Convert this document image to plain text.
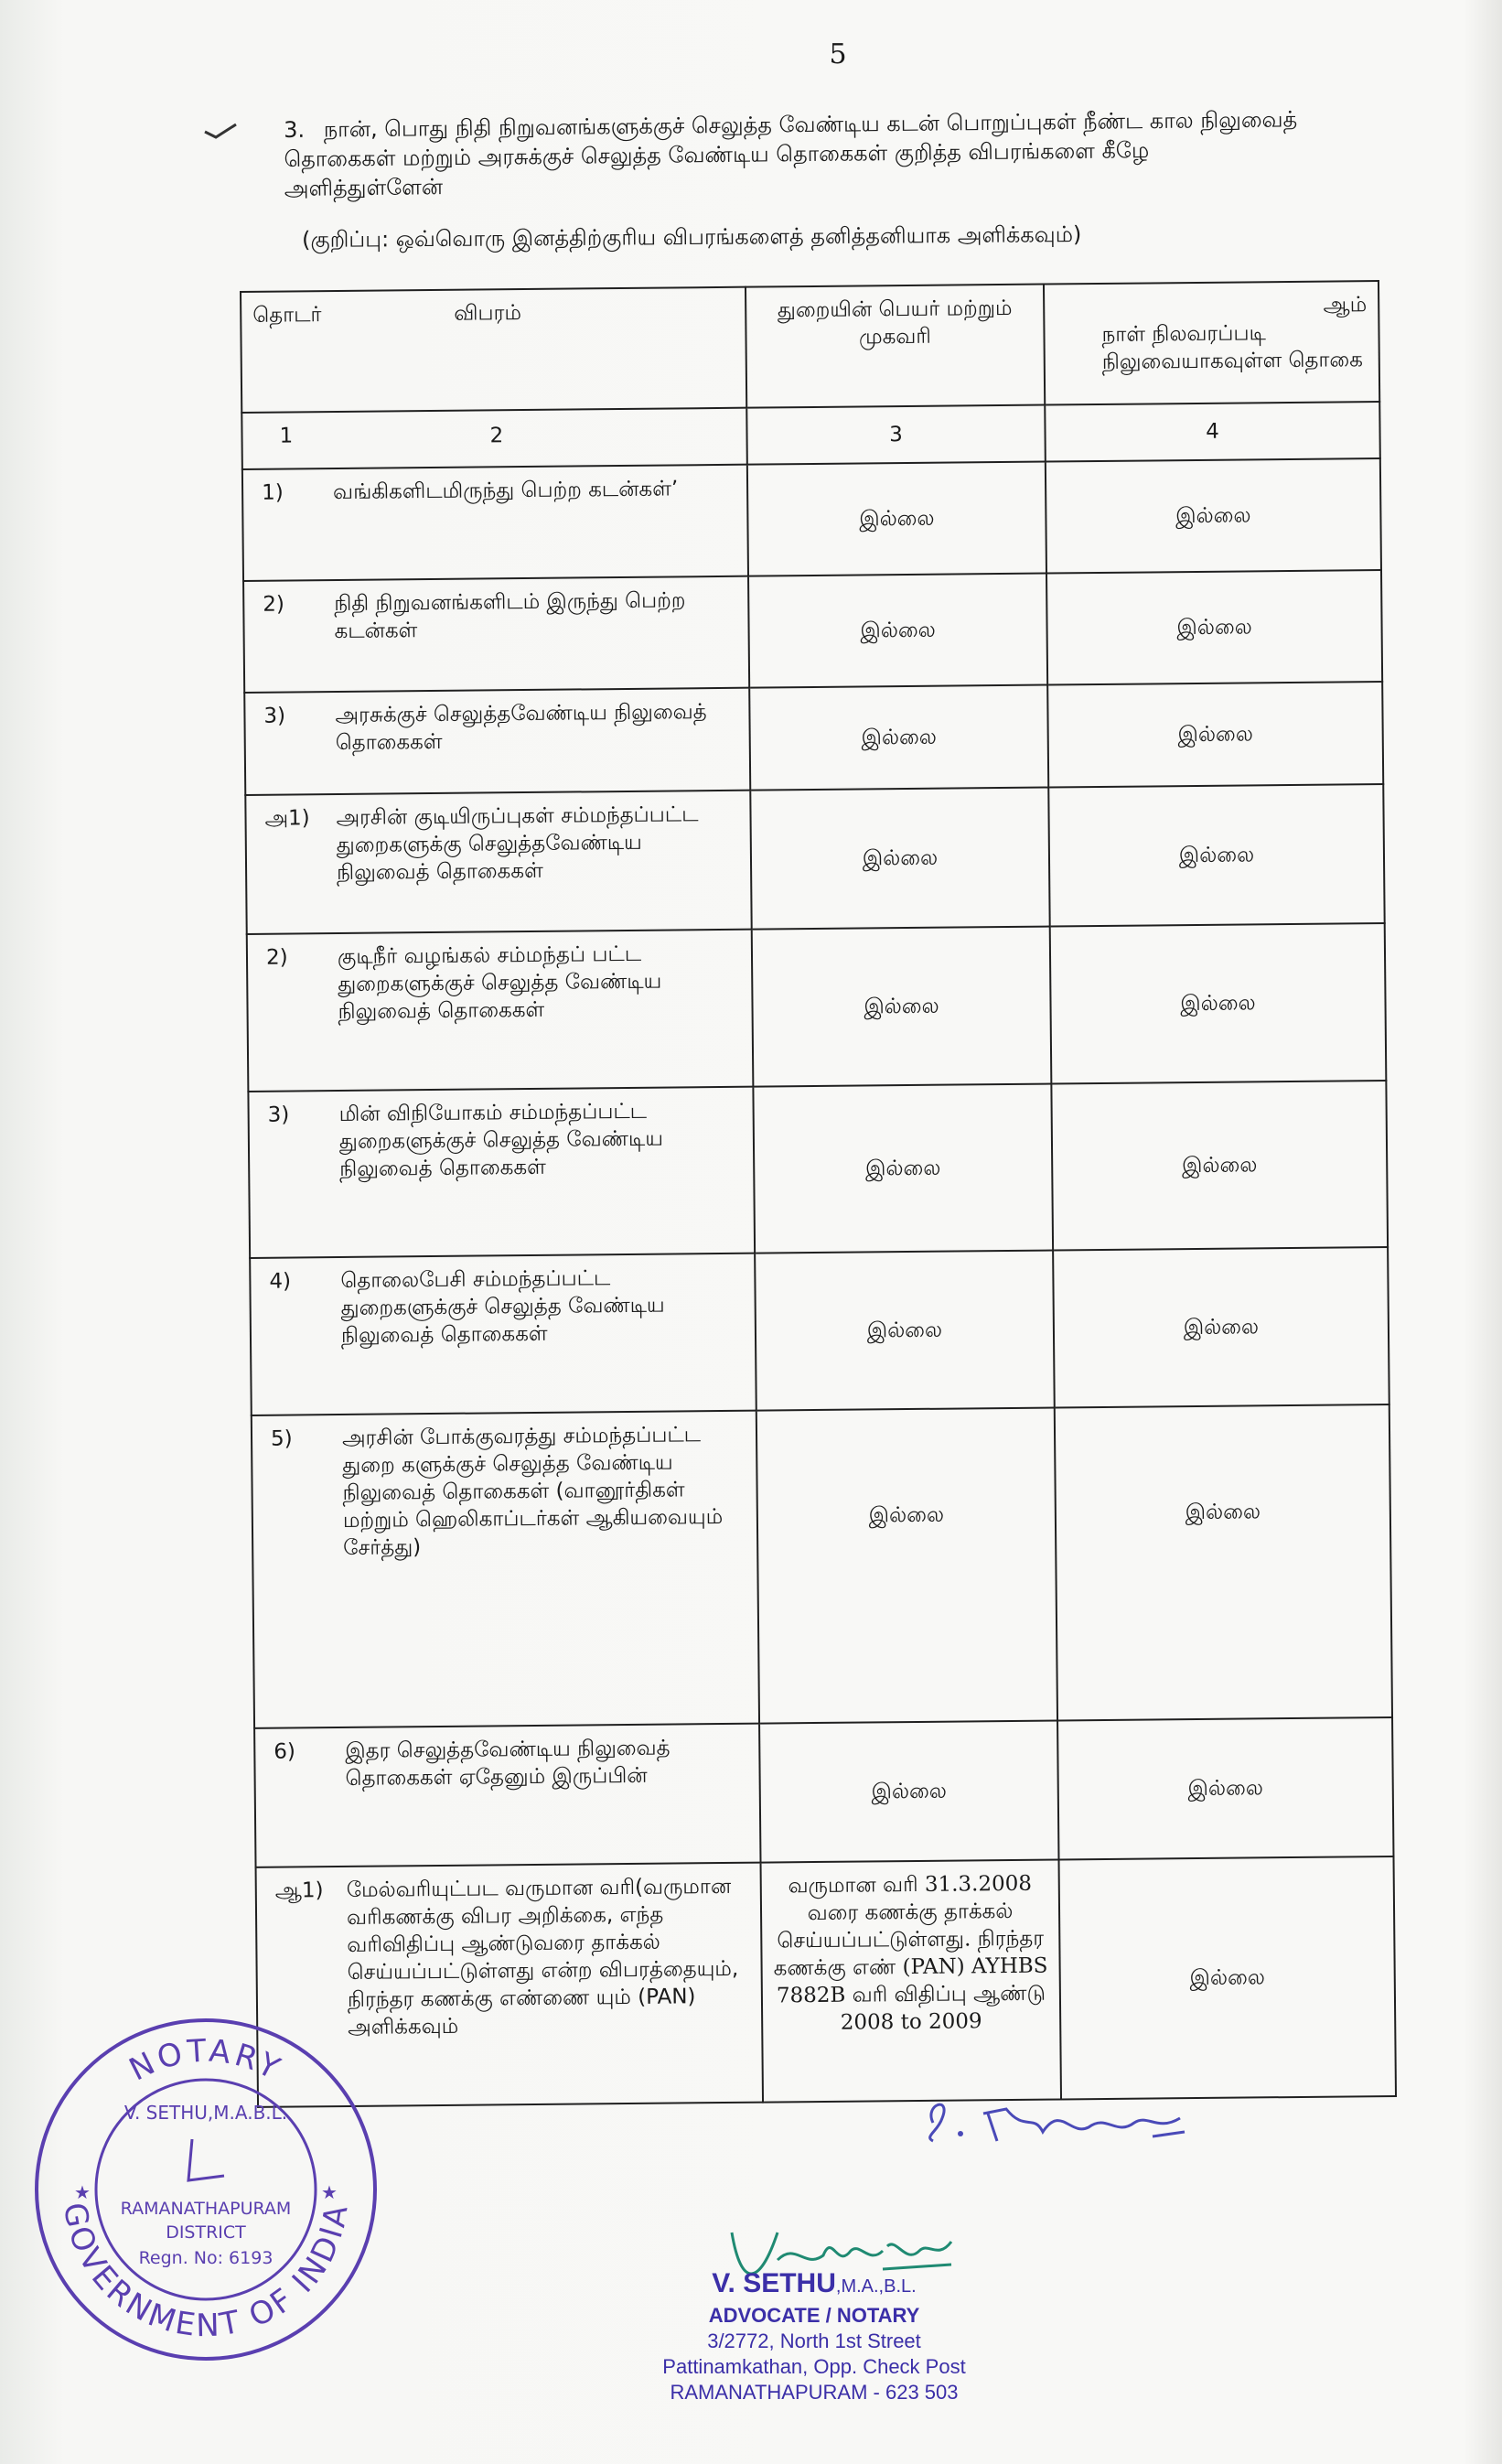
5
3. நான், பொது நிதி நிறுவனங்களுக்குச் செலுத்த வேண்டிய கடன் பொறுப்புகள் நீண்ட கால நிலுவைத் தொகைகள் மற்றும் அரசுக்குச் செலுத்த வேண்டிய தொகைகள் குறித்த விபரங்களை கீழே அளித்துள்ளேன்
(குறிப்பு: ஒவ்வொரு இனத்திற்குரிய விபரங்களைத் தனித்தனியாக அளிக்கவும்)
தொடர் விபரம்	துறையின் பெயர் மற்றும் முகவரி	ஆம்
நாள் நிலவரப்படி நிலுவையாகவுள்ள தொகை

1 2	3	4

1) வங்கிகளிடமிருந்து பெற்ற கடன்கள்’	இல்லை	இல்லை

2) நிதி நிறுவனங்களிடம் இருந்து பெற்ற கடன்கள்	இல்லை	இல்லை

3) அரசுக்குச் செலுத்தவேண்டிய நிலுவைத் தொகைகள்	இல்லை	இல்லை

அ1) அரசின் குடியிருப்புகள் சம்மந்தப்பட்ட துறைகளுக்கு செலுத்தவேண்டிய நிலுவைத் தொகைகள்	இல்லை	இல்லை

2) குடிநீர் வழங்கல் சம்மந்தப் பட்ட துறைகளுக்குச் செலுத்த வேண்டிய நிலுவைத் தொகைகள்	இல்லை	இல்லை

3) மின் விநியோகம் சம்மந்தப்பட்ட துறைகளுக்குச் செலுத்த வேண்டிய நிலுவைத் தொகைகள்	இல்லை	இல்லை

4) தொலைபேசி சம்மந்தப்பட்ட துறைகளுக்குச் செலுத்த வேண்டிய நிலுவைத் தொகைகள்	இல்லை	இல்லை

5) அரசின் போக்குவரத்து சம்மந்தப்பட்ட துறை களுக்குச் செலுத்த வேண்டிய நிலுவைத் தொகைகள் (வானூர்திகள் மற்றும் ஹெலிகாப்டர்கள் ஆகியவையும் சேர்த்து)	இல்லை	இல்லை

6) இதர செலுத்தவேண்டிய நிலுவைத் தொகைகள் ஏதேனும் இருப்பின்	இல்லை	இல்லை

ஆ1) மேல்வரியுட்பட வருமான வரி(வருமான வரிகணக்கு விபர அறிக்கை, எந்த வரிவிதிப்பு ஆண்டுவரை தாக்கல் செய்யப்பட்டுள்ளது என்ற விபரத்தையும், நிரந்தர கணக்கு எண்ணை யும் (PAN) அளிக்கவும்	வருமான வரி 31.3.2008 வரை கணக்கு தாக்கல் செய்யப்பட்டுள்ளது. நிரந்தர கணக்கு எண் (PAN) AYHBS 7882B வரி விதிப்பு ஆண்டு 2008 to 2009	இல்லை
NOTARY
GOVERNMENT OF INDIA
V. SETHU,M.A.B.L.
RAMANATHAPURAM
DISTRICT
Regn. No: 6193
★	★
V. SETHU,M.A.,B.L.
ADVOCATE / NOTARY
3/2772, North 1st Street
Pattinamkathan, Opp. Check Post
RAMANATHAPURAM - 623 503
